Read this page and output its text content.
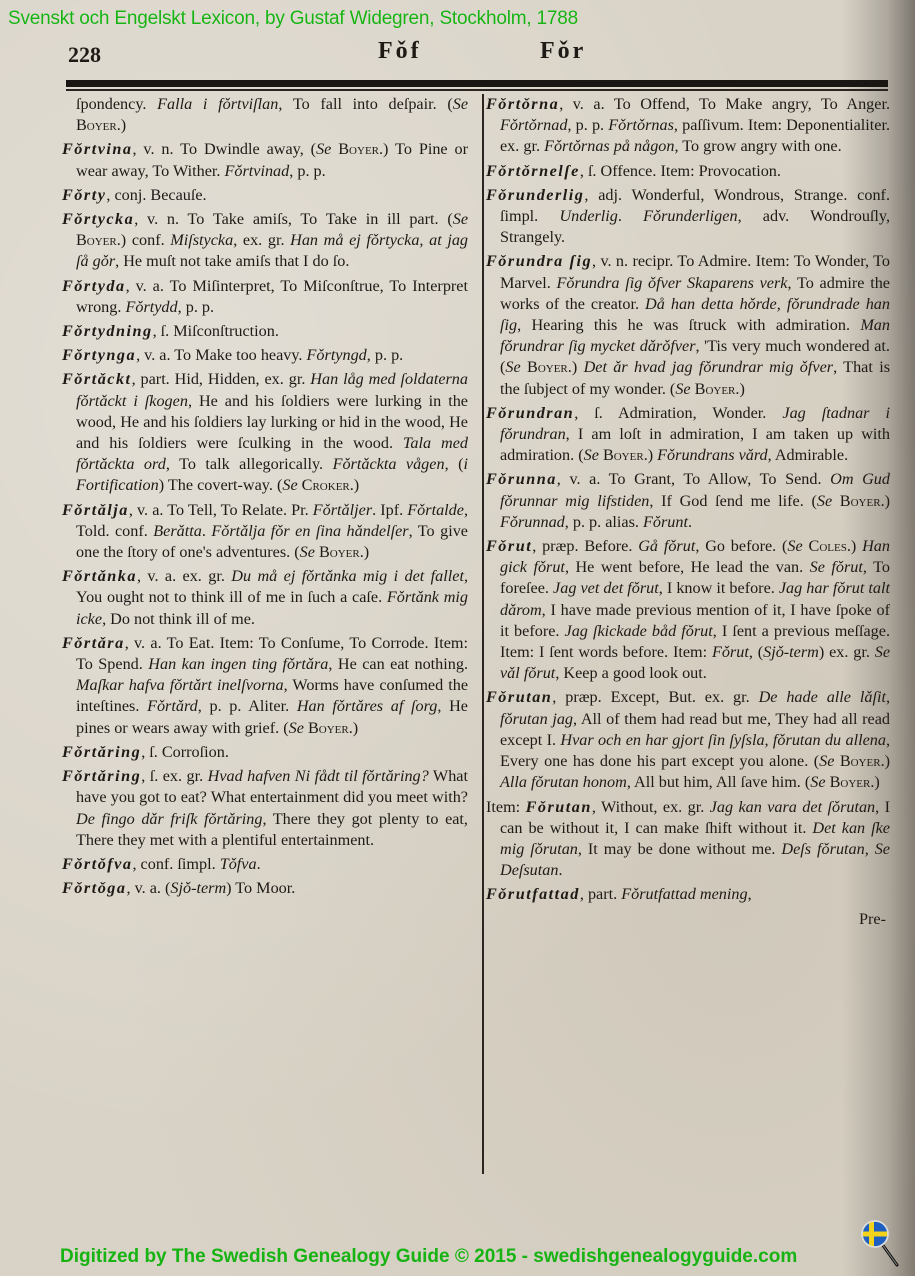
Svenskt och Engelskt Lexicon, by Gustaf Widegren, Stockholm, 1788
228	Fǒf	Fǒr
ſpondency. Falla i fǒrtviſlan, To fall into deſpair. (Se Boyer.)
Fǒrtvina, v. n. To Dwindle away, (Se Boyer.) To Pine or wear away, To Wither. Fǒrtvinad, p. p.
Fǒrty, conj. Becauſe.
Fǒrtycka, v. n. To Take amiſs, To Take in ill part. (Se Boyer.) conf. Miſstycka, ex. gr. Han må ej fǒrtycka, at jag ſå gǒr, He muſt not take amiſs that I do ſo.
Fǒrtyda, v. a. To Miſinterpret, To Miſconſtrue, To Interpret wrong. Fǒrtydd, p. p.
Fǒrtydning, ſ. Miſconſtruction.
Fǒrtynga, v. a. To Make too heavy. Fǒrtyngd, p. p.
Fǒrtǎckt, part. Hid, Hidden, ex. gr. Han låg med ſoldaterna fǒrtǎckt i ſkogen, He and his ſoldiers were lurking in the wood, He and his ſoldiers lay lurking or hid in the wood, He and his ſoldiers were ſculking in the wood. Tala med fǒrtǎckta ord, To talk allegorically. Fǒrtǎckta vågen, (i Fortification) The covert-way. (Se Croker.)
Fǒrtǎlja, v. a. To Tell, To Relate. Pr. Fǒrtǎljer. Ipf. Fǒrtalde, Told. conf. Berǎtta. Fǒrtǎlja fǒr en ſina hǎndelſer, To give one the ſtory of one's adventures. (Se Boyer.)
Fǒrtǎnka, v. a. ex. gr. Du må ej fǒrtǎnka mig i det fallet, You ought not to think ill of me in ſuch a caſe. Fǒrtǎnk mig icke, Do not think ill of me.
Fǒrtǎra, v. a. To Eat. Item: To Conſume, To Corrode. Item: To Spend. Han kan ingen ting fǒrtǎra, He can eat nothing. Maſkar hafva fǒrtǎrt inelſvorna, Worms have conſumed the inteſtines. Fǒrtǎrd, p. p. Aliter. Han fǒrtǎres af ſorg, He pines or wears away with grief. (Se Boyer.)
Fǒrtǎring, ſ. Corroſion.
Fǒrtǎring, ſ. ex. gr. Hvad hafven Ni fådt til fǒrtǎring? What have you got to eat? What entertainment did you meet with? De fingo dǎr friſk fǒrtǎring, There they got plenty to eat, There they met with a plentiful entertainment.
Fǒrtǒfva, conf. ſimpl. Tǒfva.
Fǒrtǒga, v. a. (Sjǒ-term) To Moor.
Fǒrtǒrna, v. a. To Offend, To Make angry, To Anger. Fǒrtǒrnad, p. p. Fǒrtǒrnas, paſſivum. Item: Deponentialiter. ex. gr. Fǒrtǒrnas på någon, To grow angry with one.
Fǒrtǒrnelſe, ſ. Offence. Item: Provocation.
Fǒrunderlig, adj. Wonderful, Wondrous, Strange. conf. ſimpl. Underlig. Fǒrunderligen, adv. Wondrouſly, Strangely.
Fǒrundra ſig, v. n. recipr. To Admire. Item: To Wonder, To Marvel. Fǒrundra ſig ǒfver Skaparens verk, To admire the works of the creator. Då han detta hǒrde, fǒrundrade han ſig, Hearing this he was ſtruck with admiration. Man fǒrundrar ſig mycket dǎrǒfver, 'Tis very much wondered at. (Se Boyer.) Det ǎr hvad jag fǒrundrar mig ǒfver, That is the ſubject of my wonder. (Se Boyer.)
Fǒrundran, ſ. Admiration, Wonder. Jag ſtadnar i fǒrundran, I am loſt in admiration, I am taken up with admiration. (Se Boyer.) Fǒrundrans vǎrd, Admirable.
Fǒrunna, v. a. To Grant, To Allow, To Send. Om Gud fǒrunnar mig lifstiden, If God ſend me life. (Se Boyer.) Fǒrunnad, p. p. alias. Fǒrunt.
Fǒrut, præp. Before. Gå fǒrut, Go before. (Se Coles.) Han gick fǒrut, He went before, He lead the van. Se fǒrut, To foreſee. Jag vet det fǒrut, I know it before. Jag har fǒrut talt dǎrom, I have made previous mention of it, I have ſpoke of it before. Jag ſkickade båd fǒrut, I ſent a previous meſſage. Item: I ſent words before. Item: Fǒrut, (Sjǒ-term) ex. gr. Se vǎl fǒrut, Keep a good look out.
Fǒrutan, præp. Except, But. ex. gr. De hade alle lǎſit, fǒrutan jag, All of them had read but me, They had all read except I. Hvar och en har gjort ſin ſyſsla, fǒrutan du allena, Every one has done his part except you alone. (Se Boyer.) Alla fǒrutan honom, All but him, All ſave him. (Se Boyer.)
Item: Fǒrutan, Without, ex. gr. Jag kan vara det ſǒrutan, I can be without it, I can make ſhift without it. Det kan ſke mig ſǒrutan, It may be done without me. Deſs fǒrutan, Se Deſsutan.
Fǒrutfattad, part. Fǒrutfattad mening,
Pre-
Digitized by The Swedish Genealogy Guide © 2015 - swedishgenealogyguide.com
